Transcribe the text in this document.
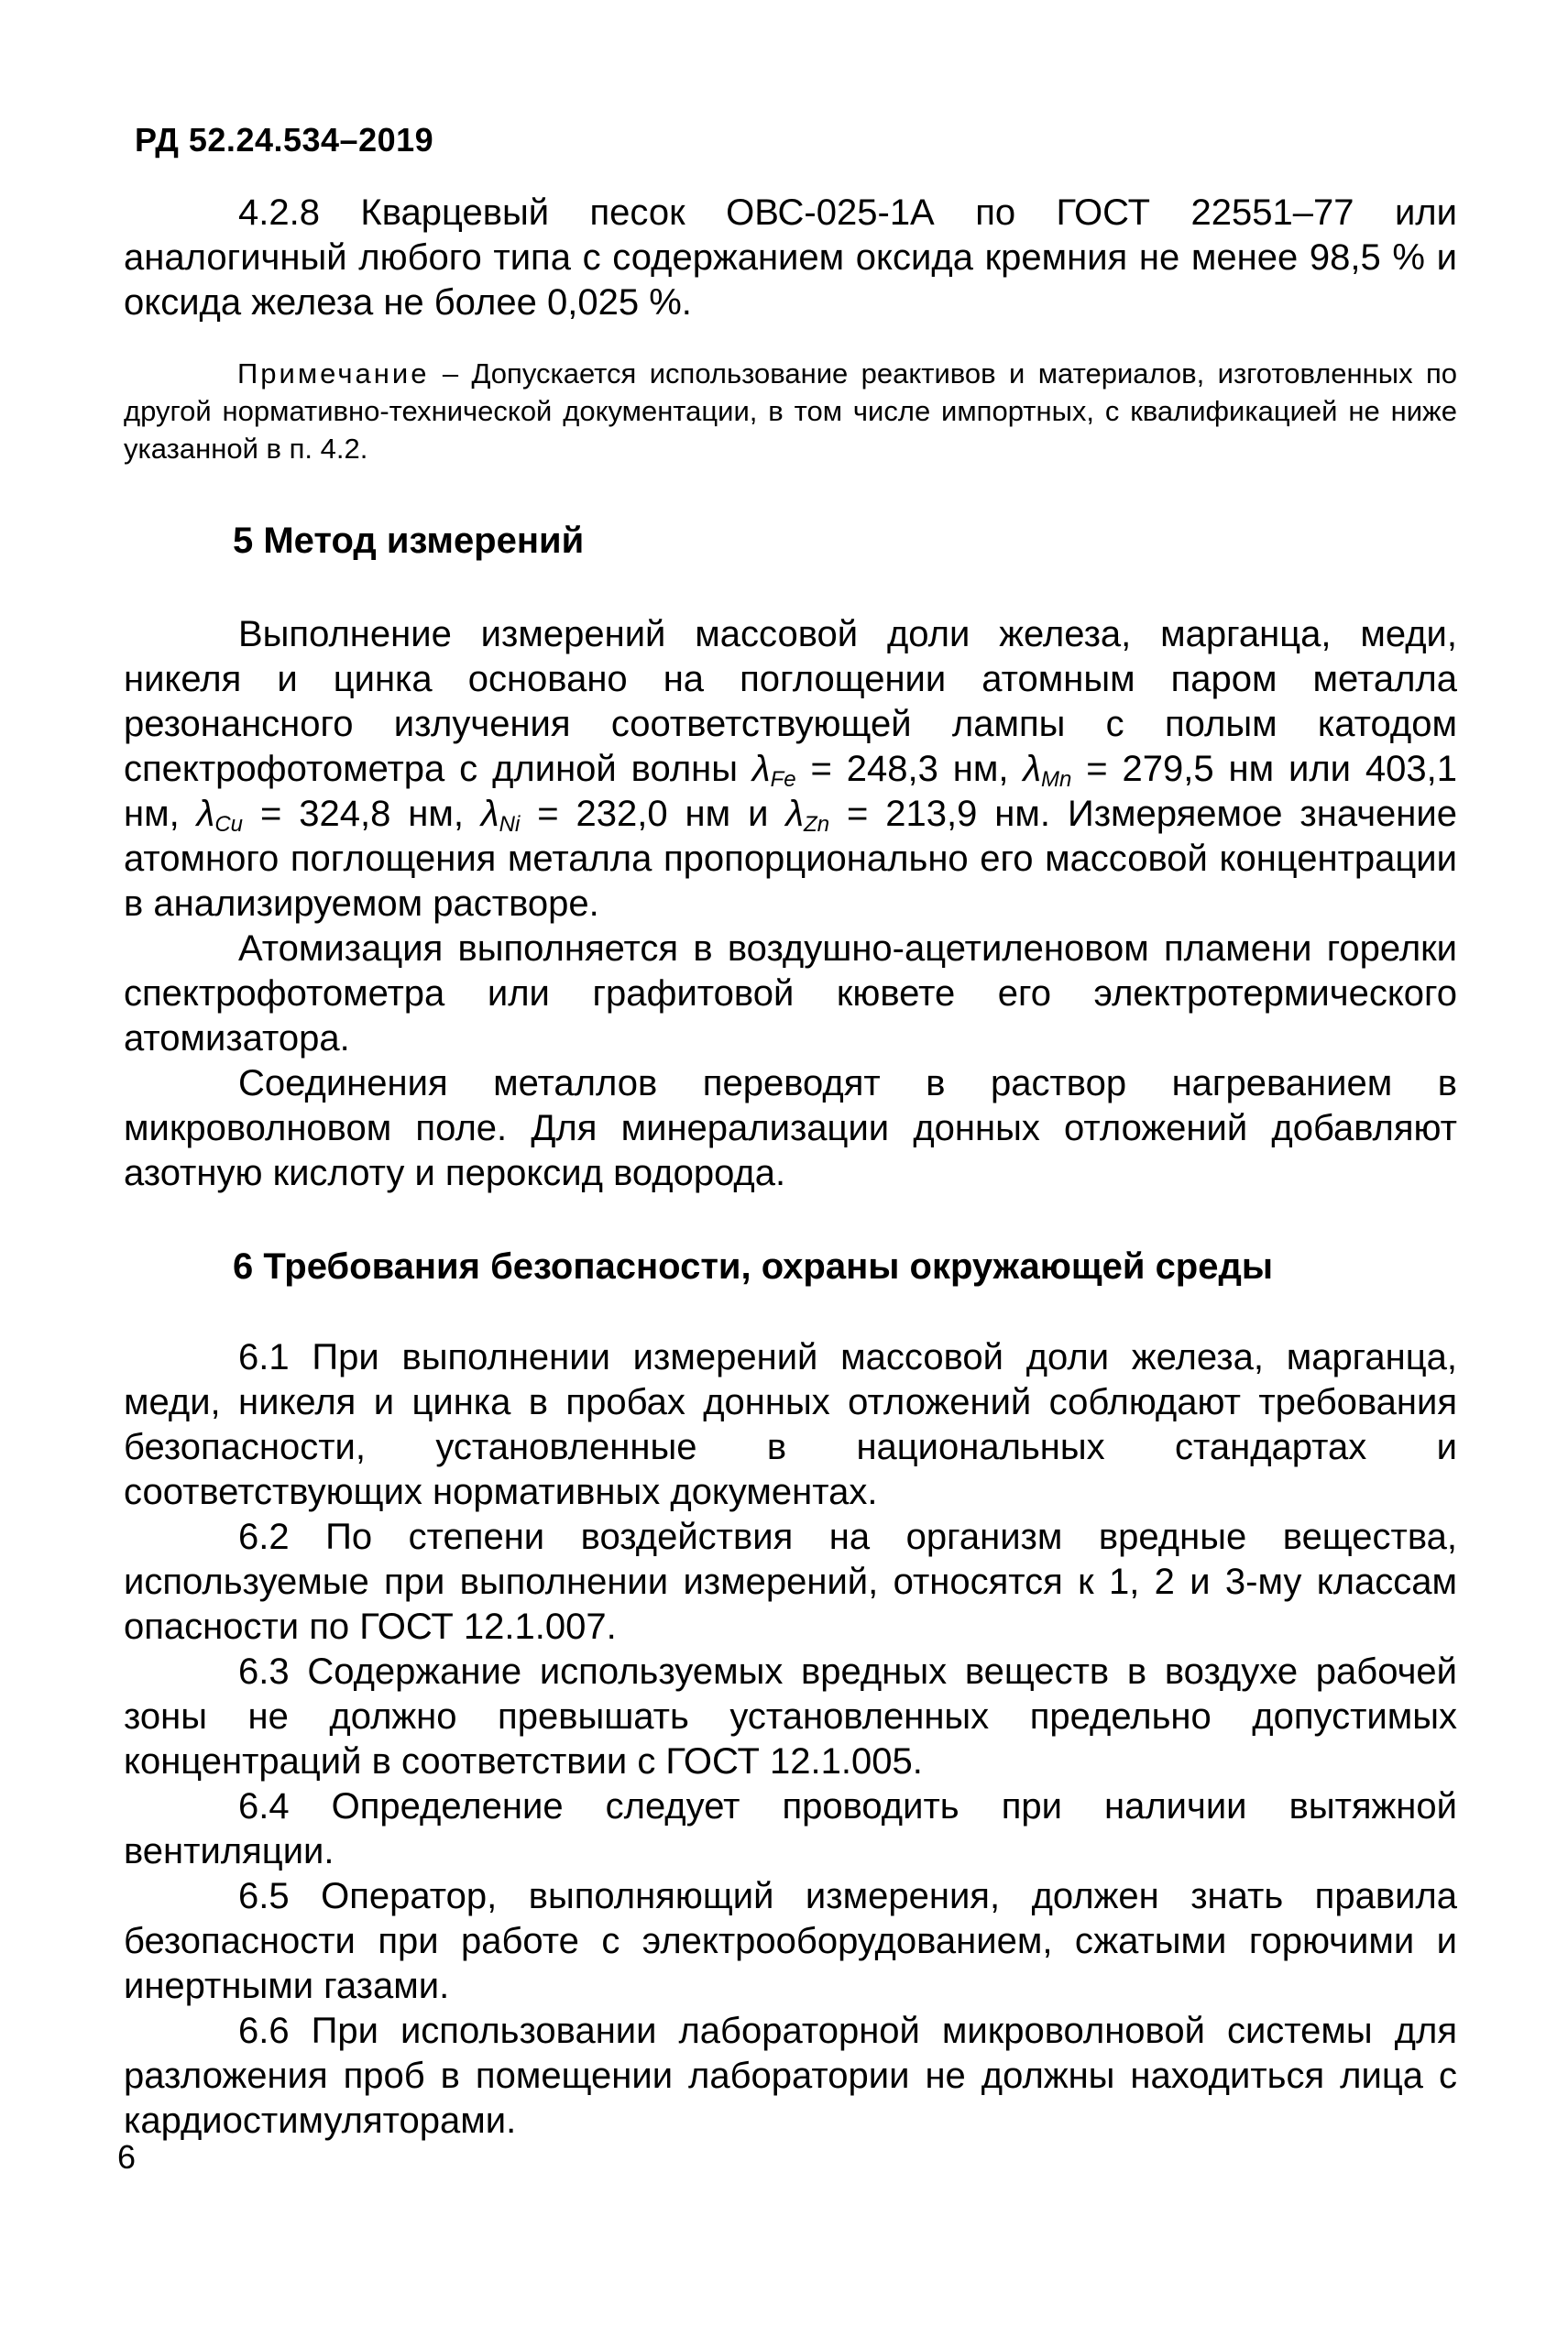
РД 52.24.534–2019

4.2.8 Кварцевый песок ОВС-025-1А по ГОСТ 22551–77 или аналогичный любого типа с содержанием оксида кремния не менее 98,5 % и оксида железа не более 0,025 %.

Примечание – Допускается использование реактивов и материалов, изготовленных по другой нормативно-технической документации, в том числе импортных, с квалификацией не ниже указанной в п. 4.2.

5 Метод измерений

Выполнение измерений массовой доли железа, марганца, меди, никеля и цинка основано на поглощении атомным паром металла резонансного излучения соответствующей лампы с полым катодом спектрофотометра с длиной волны $\lambda_{Fe} = 248,3$ нм, $\lambda_{Mn} = 279,5$ нм или 403,1 нм, $\lambda_{Cu} = 324,8$ нм, $\lambda_{Ni} = 232,0$ нм и $\lambda_{Zn} = 213,9$ нм. Измеряемое значение атомного поглощения металла пропорционально его массовой концентрации в анализируемом растворе.

Атомизация выполняется в воздушно-ацетиленовом пламени горелки спектрофотометра или графитовой кювете его электротермического атомизатора.

Соединения металлов переводят в раствор нагреванием в микроволновом поле. Для минерализации донных отложений добавляют азотную кислоту и пероксид водорода.

6 Требования безопасности, охраны окружающей среды

6.1 При выполнении измерений массовой доли железа, марганца, меди, никеля и цинка в пробах донных отложений соблюдают требования безопасности, установленные в национальных стандартах и соответствующих нормативных документах.

6.2 По степени воздействия на организм вредные вещества, используемые при выполнении измерений, относятся к 1, 2 и 3-му классам опасности по ГОСТ 12.1.007.

6.3 Содержание используемых вредных веществ в воздухе рабочей зоны не должно превышать установленных предельно допустимых концентраций в соответствии с ГОСТ 12.1.005.

6.4 Определение следует проводить при наличии вытяжной вентиляции.

6.5 Оператор, выполняющий измерения, должен знать правила безопасности при работе с электрооборудованием, сжатыми горючими и инертными газами.

6.6 При использовании лабораторной микроволновой системы для разложения проб в помещении лаборатории не должны находиться лица с кардиостимуляторами.

6
